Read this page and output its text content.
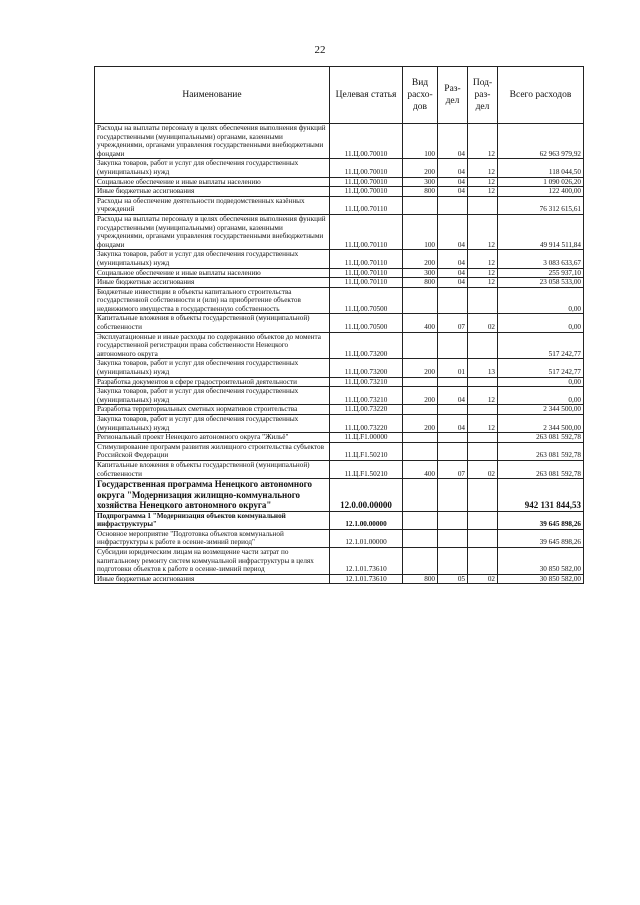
22
Наименование	Целевая статья	Вид расхо-дов	Раз-дел	Под-раз-дел	Всего расходов
Расходы на выплаты персоналу в целях обеспечения выполнения функций государственными (муниципальными) органами, казенными учреждениями, органами управления государственными внебюджетными фондами	11.Ц.00.70010	100	04	12	62 963 979,92
Закупка товаров, работ и услуг для обеспечения государственных (муниципальных) нужд	11.Ц.00.70010	200	04	12	118 044,50
Социальное обеспечение и иные выплаты населению	11.Ц.00.70010	300	04	12	1 090 026,20
Иные бюджетные ассигнования	11.Ц.00.70010	800	04	12	122 400,00
Расходы на обеспечение деятельности подведомственных казённых учреждений	11.Ц.00.70110				76 312 615,61
Расходы на выплаты персоналу в целях обеспечения выполнения функций государственными (муниципальными) органами, казенными учреждениями, органами управления государственными внебюджетными фондами	11.Ц.00.70110	100	04	12	49 914 511,84
Закупка товаров, работ и услуг для обеспечения государственных (муниципальных) нужд	11.Ц.00.70110	200	04	12	3 083 633,67
Социальное обеспечение и иные выплаты населению	11.Ц.00.70110	300	04	12	255 937,10
Иные бюджетные ассигнования	11.Ц.00.70110	800	04	12	23 058 533,00
Бюджетные инвестиции в объекты капитального строительства государственной собственности и (или) на приобретение объектов недвижимого имущества в государственную собственность	11.Ц.00.70500				0,00
Капитальные вложения в объекты государственной (муниципальной) собственности	11.Ц.00.70500	400	07	02	0,00
Эксплуатационные и иные расходы по содержанию объектов до момента государственной регистрации права собственности Ненецкого автономного округа	11.Ц.00.73200				517 242,77
Закупка товаров, работ и услуг для обеспечения государственных (муниципальных) нужд	11.Ц.00.73200	200	01	13	517 242,77
Разработка документов в сфере градостроительной деятельности	11.Ц.00.73210				0,00
Закупка товаров, работ и услуг для обеспечения государственных (муниципальных) нужд	11.Ц.00.73210	200	04	12	0,00
Разработка территориальных сметных нормативов строительства	11.Ц.00.73220				2 344 500,00
Закупка товаров, работ и услуг для обеспечения государственных (муниципальных) нужд	11.Ц.00.73220	200	04	12	2 344 500,00
Региональный проект Ненецкого автономного округа "Жильё"	11.Ц.F1.00000				263 081 592,78
Стимулирование программ развития жилищного строительства субъектов Российской Федерации	11.Ц.F1.50210				263 081 592,78
Капитальные вложения в объекты государственной (муниципальной) собственности	11.Ц.F1.50210	400	07	02	263 081 592,78
Государственная программа Ненецкого автономного округа "Модернизация жилищно-коммунального хозяйства Ненецкого автономного округа"	12.0.00.00000				942 131 844,53
Подпрограмма 1 "Модернизация объектов коммунальной инфраструктуры"	12.1.00.00000				39 645 898,26
Основное мероприятие "Подготовка объектов коммунальной инфраструктуры к работе в осенне-зимний период"	12.1.01.00000				39 645 898,26
Субсидии юридическим лицам на возмещение части затрат по капитальному ремонту систем коммунальной инфраструктуры в целях подготовки объектов к работе в осенне-зимний период	12.1.01.73610				30 850 582,00
Иные бюджетные ассигнования	12.1.01.73610	800	05	02	30 850 582,00
